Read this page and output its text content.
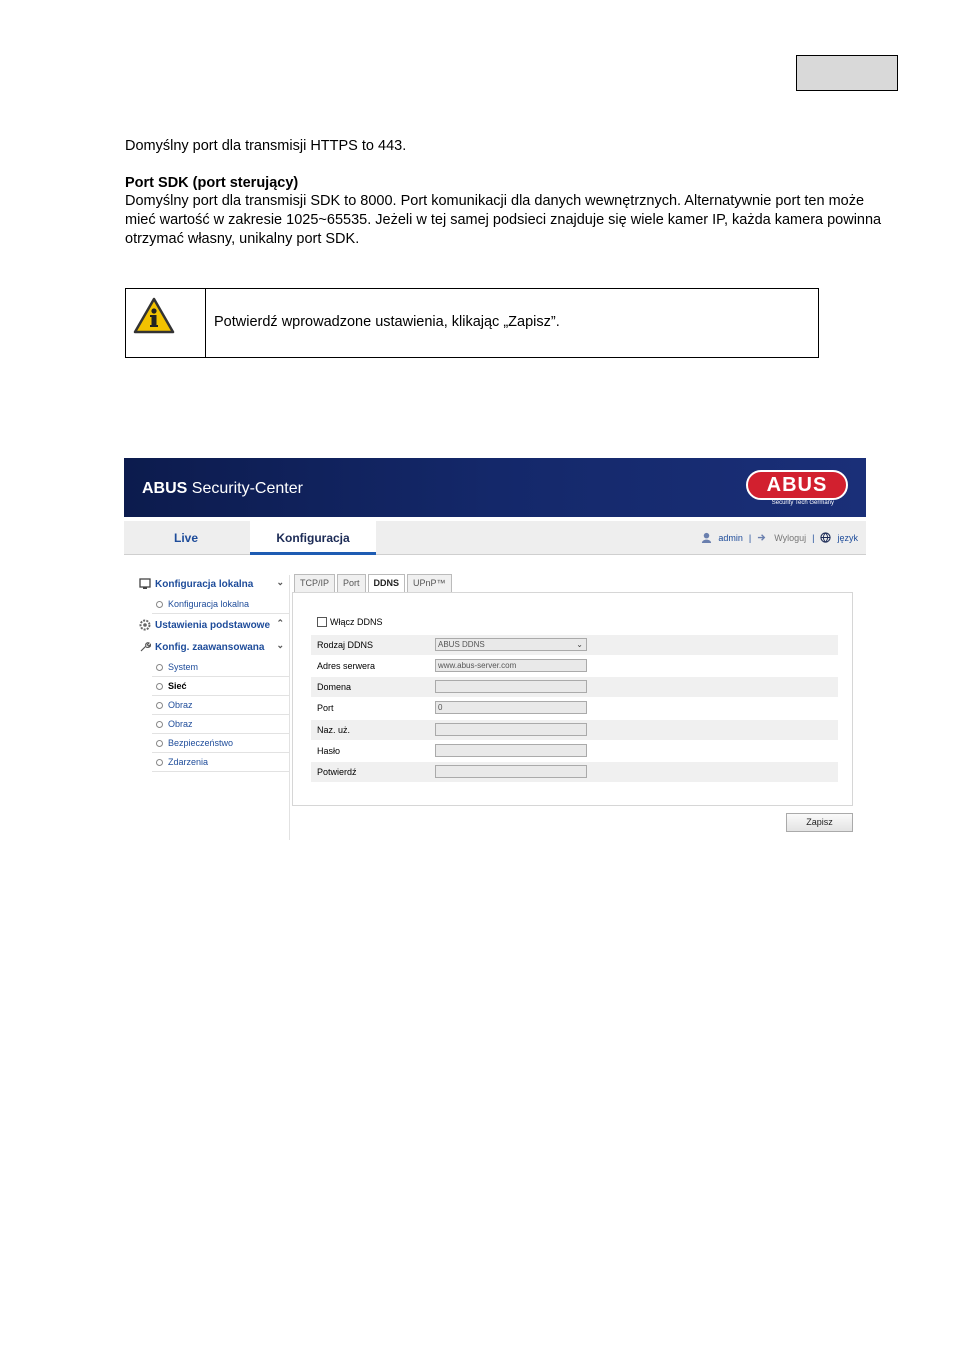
Domyślny port dla transmisji HTTPS to 443.

Port SDK (port sterujący)

Domyślny port dla transmisji SDK to 8000. Port komunikacji dla danych wewnętrznych. Alternatywnie port ten może mieć wartość w zakresie 1025~65535. Jeżeli w tej samej podsieci znajduje się wiele kamer IP, każda kamera powinna otrzymać własny, unikalny port SDK.

Potwierdź wprowadzone ustawienia, klikając „Zapisz”.
ABUS Security-Center	ABUS
Security Tech Germany
Live	Konfiguracja	admin |	Wyloguj |	język
Konfiguracja lokalna	⌄
Konfiguracja lokalna
Ustawienia podstawowe ⌃
Konfig. zaawansowana ⌄
System
Sieć
Obraz
Obraz
Bezpieczeństwo
Zdarzenia
TCP/IP	Port	DDNS	UPnP™
Włącz DDNS
Rodzaj DDNS	ABUS DDNS	⌄
Adres serwera	www.abus-server.com
Domena
Port	0
Naz. uż.
Hasło
Potwierdź
Zapisz
